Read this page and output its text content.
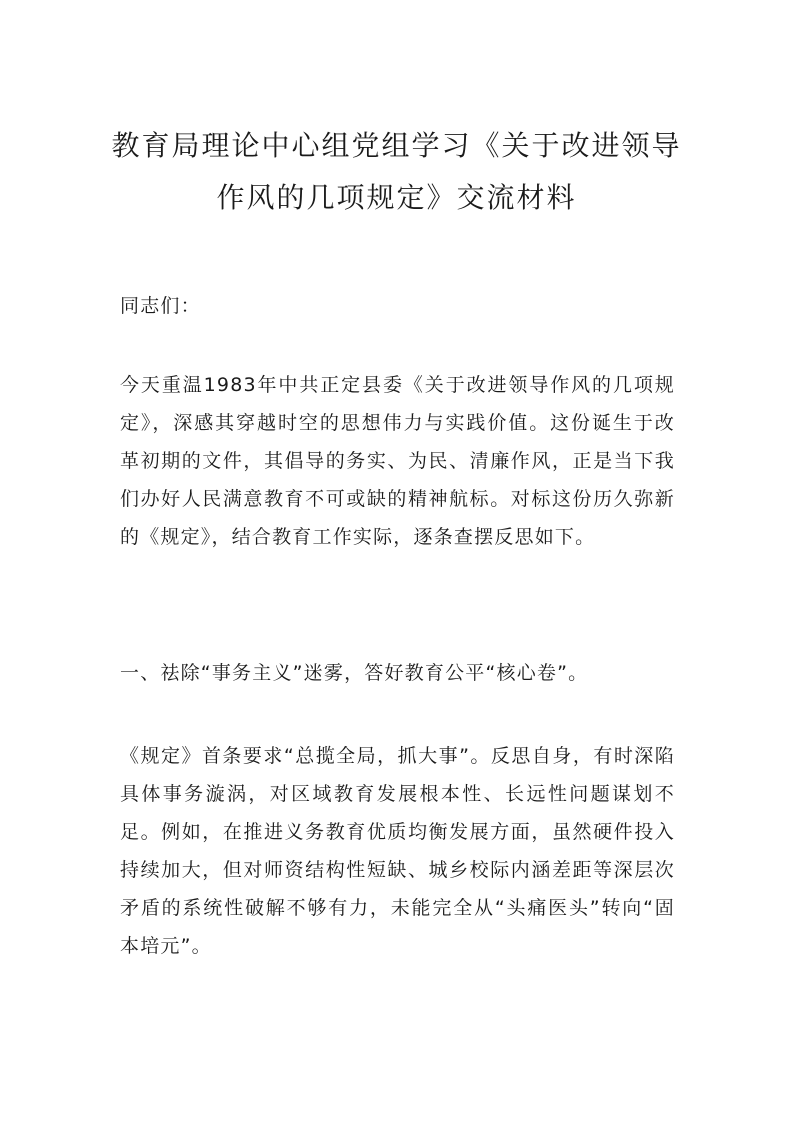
教育局理论中心组党组学习《关于改进领导
作风的几项规定》交流材料

同志们：

今天重温1983年中共正定县委《关于改进领导作风的几项规定》，深感其穿越时空的思想伟力与实践价值。这份诞生于改革初期的文件，其倡导的务实、为民、清廉作风，正是当下我们办好人民满意教育不可或缺的精神航标。对标这份历久弥新的《规定》，结合教育工作实际，逐条查摆反思如下。

一、祛除“事务主义”迷雾，答好教育公平“核心卷”。

《规定》首条要求“总揽全局，抓大事”。反思自身，有时深陷具体事务漩涡，对区域教育发展根本性、长远性问题谋划不足。例如，在推进义务教育优质均衡发展方面，虽然硬件投入持续加大，但对师资结构性短缺、城乡校际内涵差距等深层次矛盾的系统性破解不够有力，未能完全从“头痛医头”转向“固本培元”。
